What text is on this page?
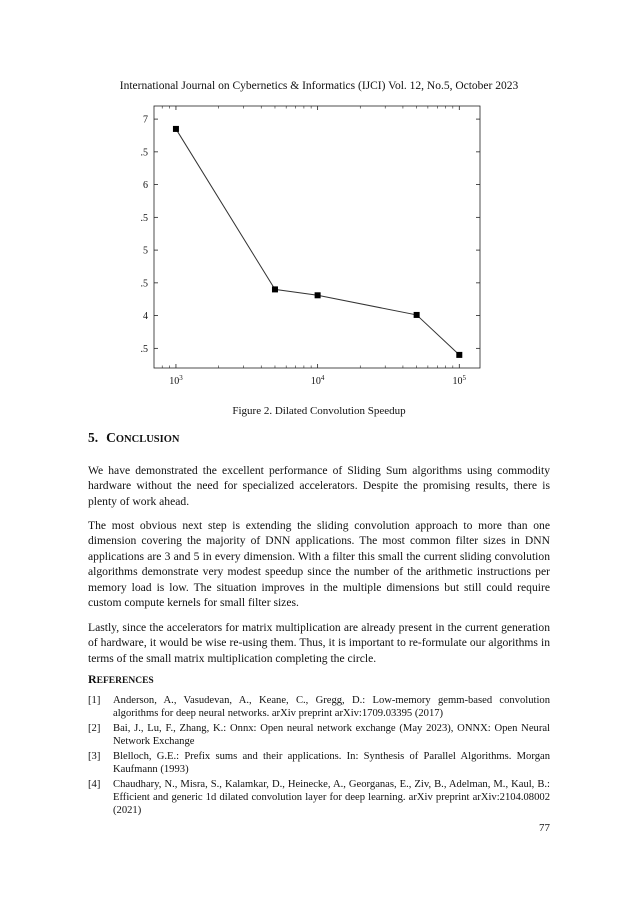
International Journal on Cybernetics & Informatics (IJCI) Vol. 12, No.5, October 2023
.5
4
.5
5
.5
6
.5
7
$10^3$	$10^4$	$10^5$
Figure 2. Dilated Convolution Speedup
5. CONCLUSION

We have demonstrated the excellent performance of Sliding Sum algorithms using commodity hardware without the need for specialized accelerators. Despite the promising results, there is plenty of work ahead.

The most obvious next step is extending the sliding convolution approach to more than one dimension covering the majority of DNN applications. The most common filter sizes in DNN applications are 3 and 5 in every dimension. With a filter this small the current sliding convolution algorithms demonstrate very modest speedup since the number of the arithmetic instructions per memory load is low. The situation improves in the multiple dimensions but still could require custom compute kernels for small filter sizes.

Lastly, since the accelerators for matrix multiplication are already present in the current generation of hardware, it would be wise re-using them. Thus, it is important to re-formulate our algorithms in terms of the small matrix multiplication completing the circle.

REFERENCES
[1]	Anderson, A., Vasudevan, A., Keane, C., Gregg, D.: Low-memory gemm-based convolution algorithms for deep neural networks. arXiv preprint arXiv:1709.03395 (2017)
[2]	Bai, J., Lu, F., Zhang, K.: Onnx: Open neural network exchange (May 2023), ONNX: Open Neural Network Exchange
[3]	Blelloch, G.E.: Prefix sums and their applications. In: Synthesis of Parallel Algorithms. Morgan Kaufmann (1993)
[4]	Chaudhary, N., Misra, S., Kalamkar, D., Heinecke, A., Georganas, E., Ziv, B., Adelman, M., Kaul, B.: Efficient and generic 1d dilated convolution layer for deep learning. arXiv preprint arXiv:2104.08002 (2021)
77
